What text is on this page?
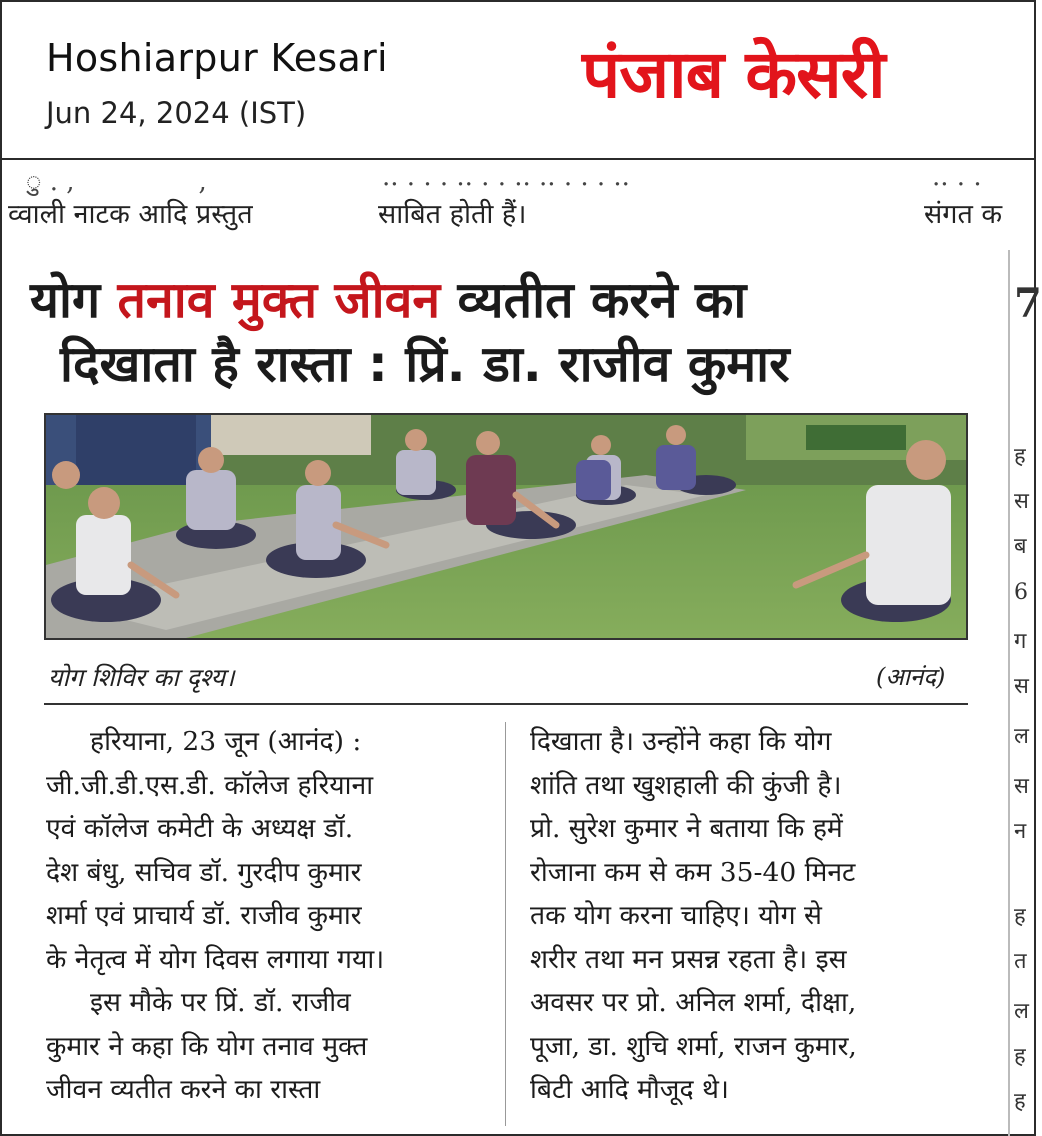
Hoshiarpur Kesari
Jun 24, 2024 (IST)	पंजाब केसरी
ु . ,               ,	.. . . . .. . . .. .. . . . ..	.. . .
व्वाली नाटक आदि प्रस्तुत	साबित होती हैं।	संगत क
योग तनाव मुक्त जीवन व्यतीत करने का
दिखाता है रास्ता : प्रिं. डा. राजीव कुमार
7
ह
स
ब
6
ग
स
ल
स
न
ह
त
ल
ह
ह
योग शिविर का दृश्य।	(आनंद)

हरियाना, 23 जून (आनंद) :

जी.जी.डी.एस.डी. कॉलेज हरियाना

एवं कॉलेज कमेटी के अध्यक्ष डॉ.

देश बंधु, सचिव डॉ. गुरदीप कुमार

शर्मा एवं प्राचार्य डॉ. राजीव कुमार

के नेतृत्व में योग दिवस लगाया गया।

इस मौके पर प्रिं. डॉ. राजीव

कुमार ने कहा कि योग तनाव मुक्त

जीवन व्यतीत करने का रास्ता

दिखाता है। उन्होंने कहा कि योग

शांति तथा खुशहाली की कुंजी है।

प्रो. सुरेश कुमार ने बताया कि हमें

रोजाना कम से कम 35-40 मिनट

तक योग करना चाहिए। योग से

शरीर तथा मन प्रसन्न रहता है। इस

अवसर पर प्रो. अनिल शर्मा, दीक्षा,

पूजा, डा. शुचि शर्मा, राजन कुमार,

बिटी आदि मौजूद थे।
